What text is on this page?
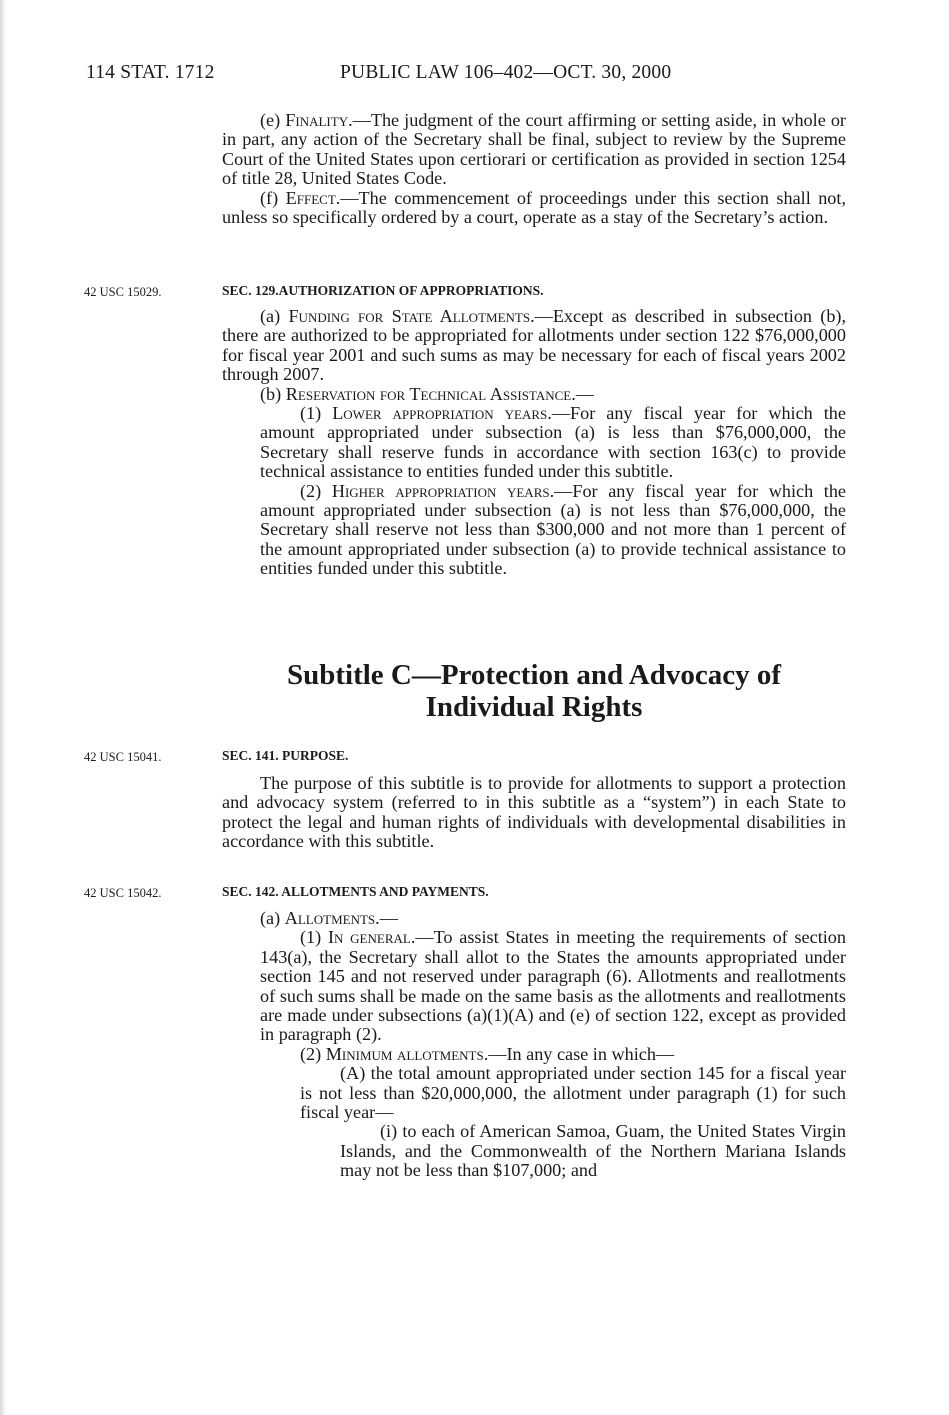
114 STAT. 1712	PUBLIC LAW 106–402—OCT. 30, 2000

(e) Finality.—The judgment of the court affirming or setting aside, in whole or in part, any action of the Secretary shall be final, subject to review by the Supreme Court of the United States upon certiorari or certification as provided in section 1254 of title 28, United States Code.

(f) Effect.—The commencement of proceedings under this section shall not, unless so specifically ordered by a court, operate as a stay of the Secretary’s action.

42 USC 15029.	SEC. 129.AUTHORIZATION OF APPROPRIATIONS.

(a) Funding for State Allotments.—Except as described in subsection (b), there are authorized to be appropriated for allotments under section 122 $76,000,000 for fiscal year 2001 and such sums as may be necessary for each of fiscal years 2002 through 2007.

(b) Reservation for Technical Assistance.—

(1) Lower appropriation years.—For any fiscal year for which the amount appropriated under subsection (a) is less than $76,000,000, the Secretary shall reserve funds in accordance with section 163(c) to provide technical assistance to entities funded under this subtitle.

(2) Higher appropriation years.—For any fiscal year for which the amount appropriated under subsection (a) is not less than $76,000,000, the Secretary shall reserve not less than $300,000 and not more than 1 percent of the amount appropriated under subsection (a) to provide technical assistance to entities funded under this subtitle.

Subtitle C—Protection and Advocacy of
Individual Rights
42 USC 15041.	SEC. 141. PURPOSE.

The purpose of this subtitle is to provide for allotments to support a protection and advocacy system (referred to in this subtitle as a “system”) in each State to protect the legal and human rights of individuals with developmental disabilities in accordance with this subtitle.

42 USC 15042.	SEC. 142. ALLOTMENTS AND PAYMENTS.

(a) Allotments.—

(1) In general.—To assist States in meeting the requirements of section 143(a), the Secretary shall allot to the States the amounts appropriated under section 145 and not reserved under paragraph (6). Allotments and reallotments of such sums shall be made on the same basis as the allotments and reallotments are made under subsections (a)(1)(A) and (e) of section 122, except as provided in paragraph (2).

(2) Minimum allotments.—In any case in which—

(A) the total amount appropriated under section 145 for a fiscal year is not less than $20,000,000, the allotment under paragraph (1) for such fiscal year—

(i) to each of American Samoa, Guam, the United States Virgin Islands, and the Commonwealth of the Northern Mariana Islands may not be less than $107,000; and
